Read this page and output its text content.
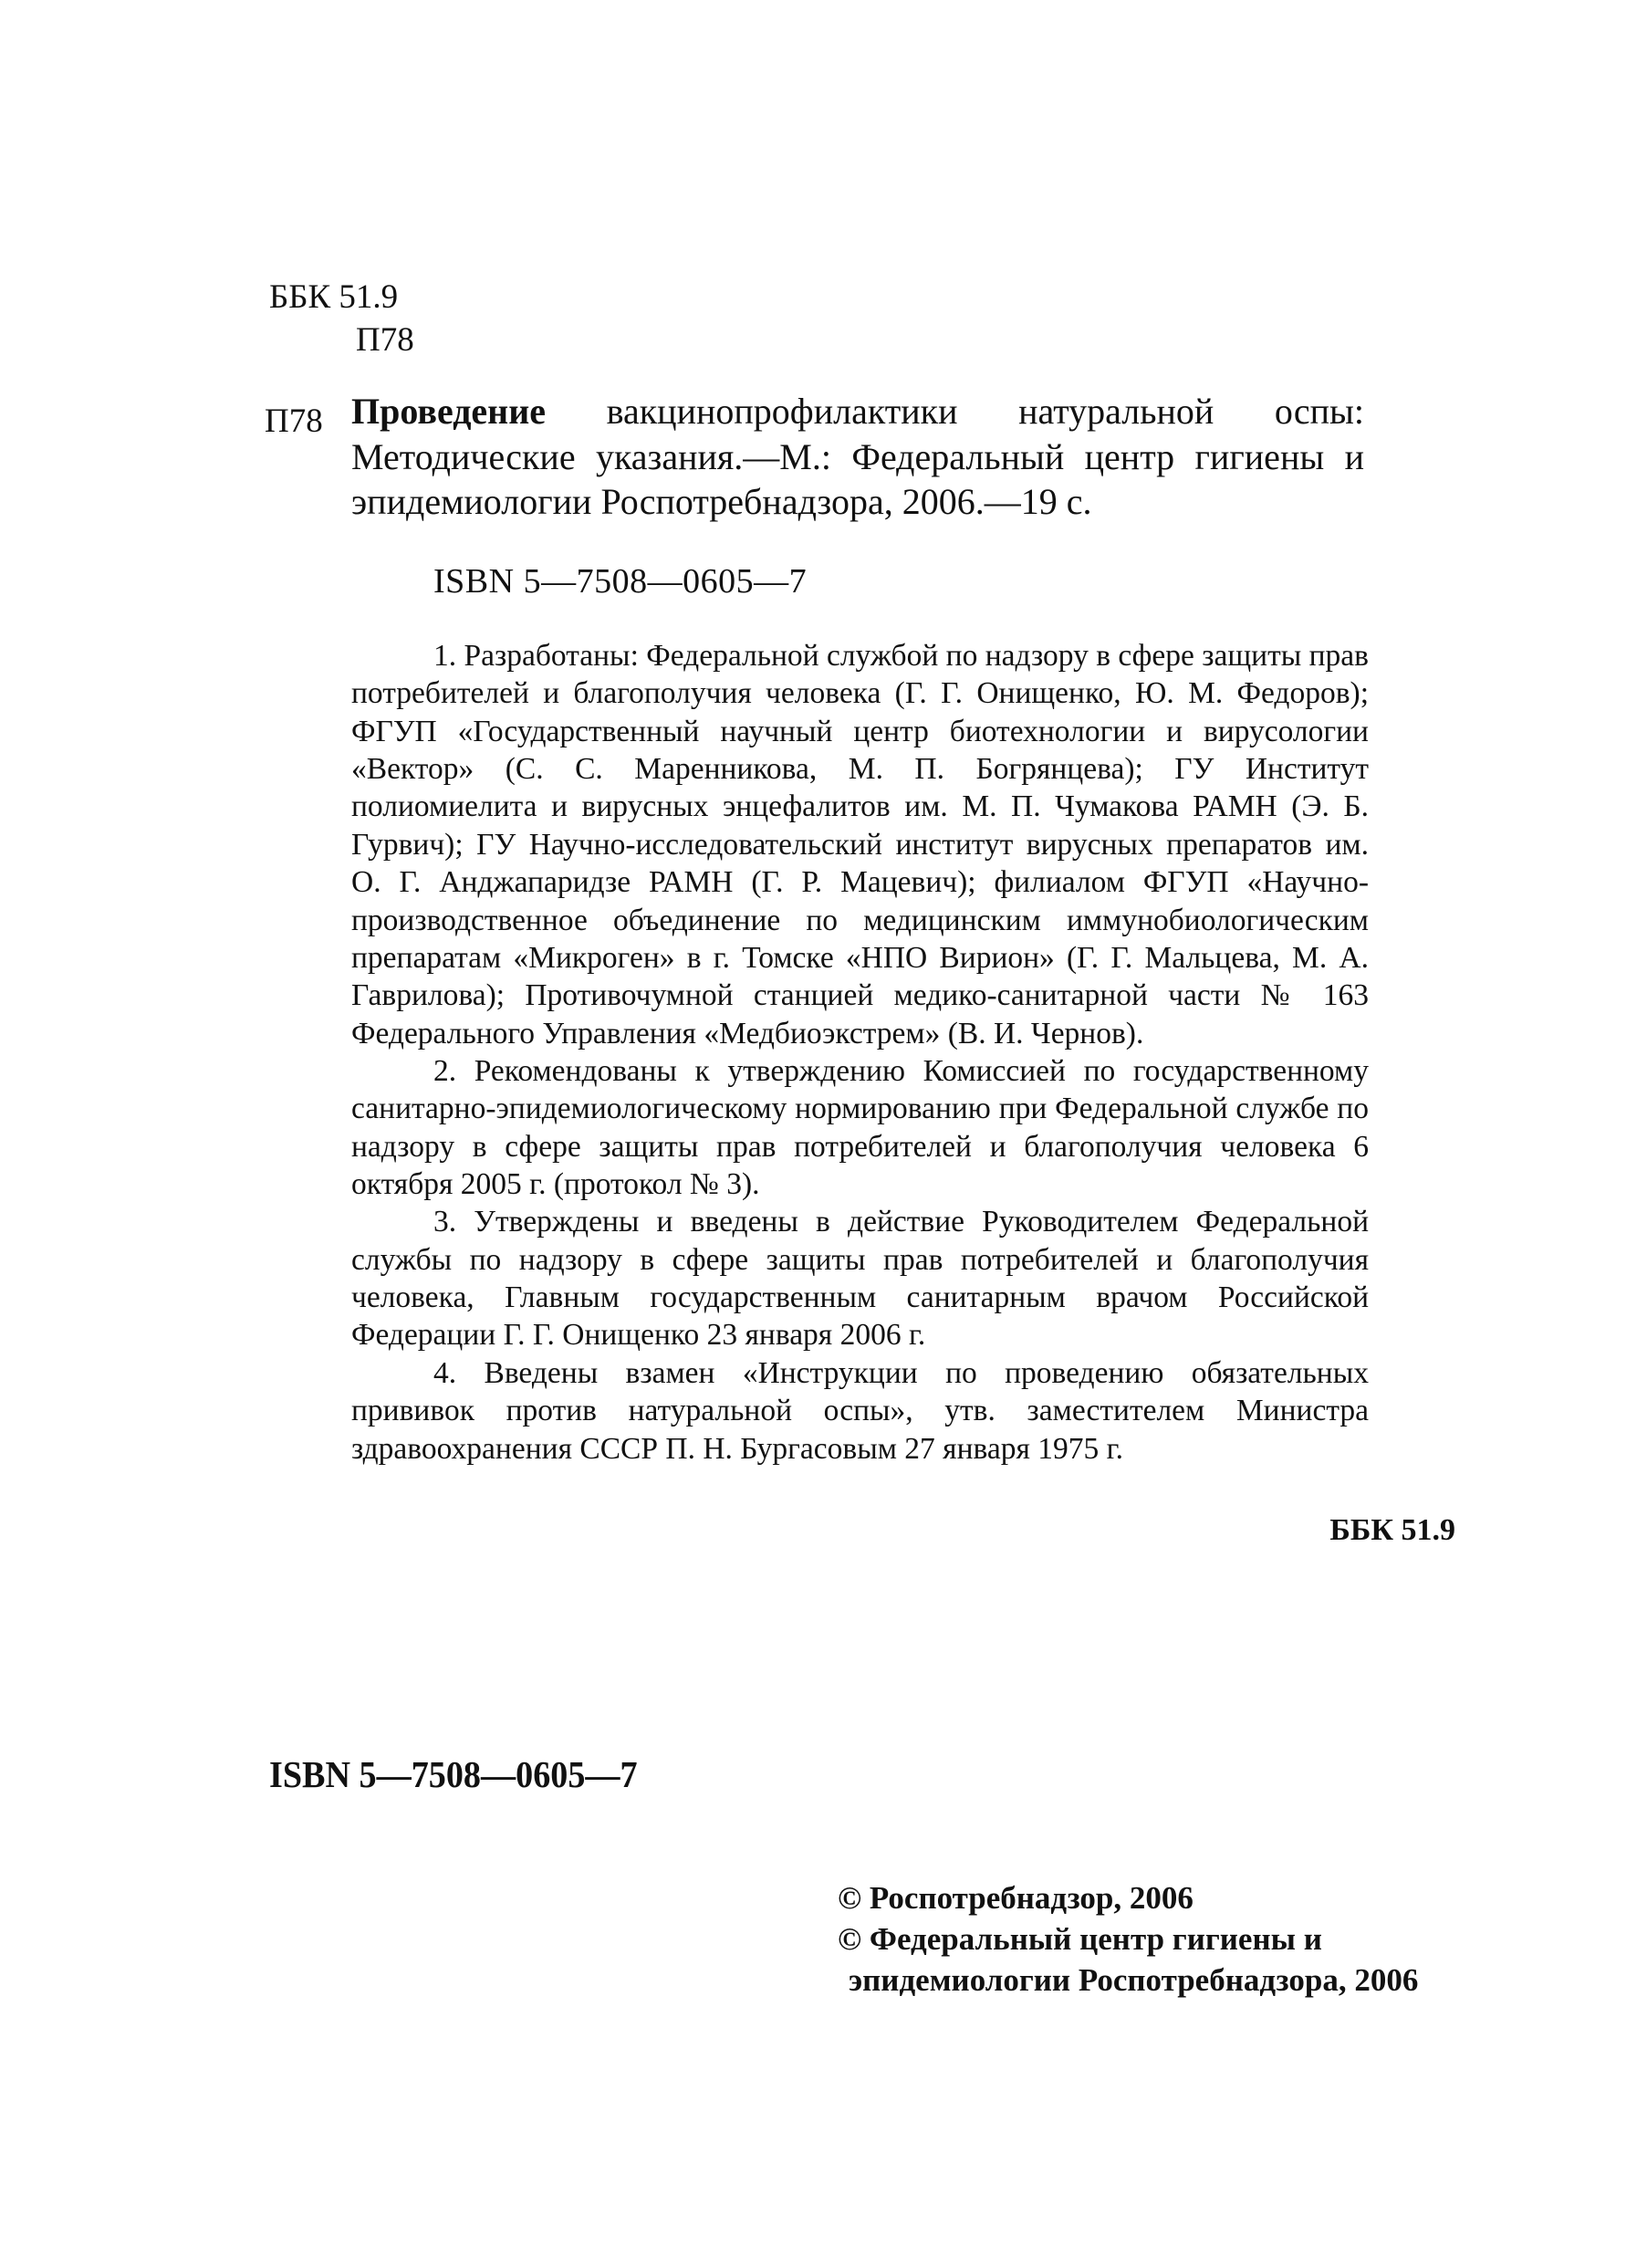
ББК 51.9
П78
П78 Проведение вакцинопрофилактики натуральной оспы: Методические указания.—М.: Федеральный центр гигиены и эпидемиологии Роспотребнадзора, 2006.—19 с.
ISBN 5—7508—0605—7

1. Разработаны: Федеральной службой по надзору в сфере защиты прав потребителей и благополучия человека (Г. Г. Онищенко, Ю. М. Федоров); ФГУП «Государственный научный центр биотехнологии и вирусологии «Вектор» (С. С. Маренникова, М. П. Богрянцева); ГУ Институт полиомиелита и вирусных энцефалитов им. М. П. Чумакова РАМН (Э. Б. Гурвич); ГУ Научно-исследовательский институт вирусных препаратов им. О. Г. Анджапаридзе РАМН (Г. Р. Мацевич); филиалом ФГУП «Научно-производственное объединение по медицинским иммунобиологическим препаратам «Микроген» в г. Томске «НПО Вирион» (Г. Г. Мальцева, М. А. Гаврилова); Противочумной станцией медико-санитарной части № 163 Федерального Управления «Медбиоэкстрем» (В. И. Чернов).

2. Рекомендованы к утверждению Комиссией по государственному санитарно-эпидемиологическому нормированию при Федеральной службе по надзору в сфере защиты прав потребителей и благополучия человека 6 октября 2005 г. (протокол № 3).

3. Утверждены и введены в действие Руководителем Федеральной службы по надзору в сфере защиты прав потребителей и благополучия человека, Главным государственным санитарным врачом Российской Федерации Г. Г. Онищенко 23 января 2006 г.

4. Введены взамен «Инструкции по проведению обязательных прививок против натуральной оспы», утв. заместителем Министра здравоохранения СССР П. Н. Бургасовым 27 января 1975 г.

ББК 51.9
ISBN 5—7508—0605—7
© Роспотребнадзор, 2006
© Федеральный центр гигиены и
эпидемиологии Роспотребнадзора, 2006
